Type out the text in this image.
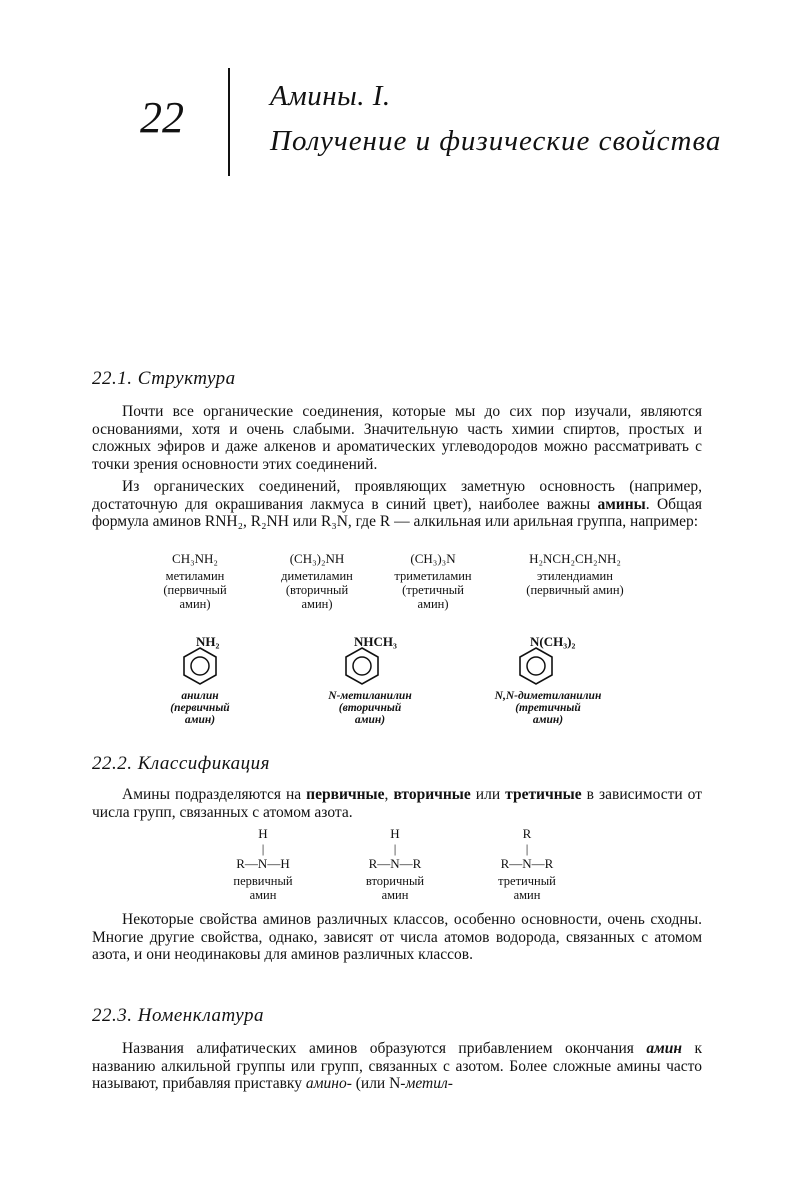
22	Амины. I.
Получение и физические свойства
22.1. Структура
Почти все органические соединения, которые мы до сих пор изучали, являются основаниями, хотя и очень слабыми. Значительную часть химии спиртов, простых и сложных эфиров и даже алкенов и ароматических углеводородов можно рассматривать с точки зрения основности этих соединений.
Из органических соединений, проявляющих заметную основность (например, достаточную для окрашивания лакмуса в синий цвет), наиболее важны амины. Общая формула аминов RNH₂, R₂NH или R₃N, где R — алкильная или арильная группа, например:
CH₃NH₂
метиламин
(первичный
амин)
(CH₃)₂NH
диметиламин
(вторичный
амин)
(CH₃)₃N
триметиламин
(третичный
амин)
H₂NCH₂CH₂NH₂
этилендиамин
(первичный амин)
NH₂
анилин
(первичный
амин)
NHCH₃
N-метиланилин
(вторичный
амин)
N(CH₃)₂
N,N-диметиланилин
(третичный
амин)
22.2. Классификация
Амины подразделяются на первичные, вторичные или третичные в зависимости от числа групп, связанных с атомом азота.
H
|
R—N—H
первичный
амин
H
|
R—N—R
вторичный
амин
R
|
R—N—R
третичный
амин
Некоторые свойства аминов различных классов, особенно основности, очень сходны. Многие другие свойства, однако, зависят от числа атомов водорода, связанных с атомом азота, и они неодинаковы для аминов различных классов.
22.3. Номенклатура
Названия алифатических аминов образуются прибавлением окончания амин к названию алкильной группы или групп, связанных с азотом. Более сложные амины часто называют, прибавляя приставку амино- (или N-метил-
